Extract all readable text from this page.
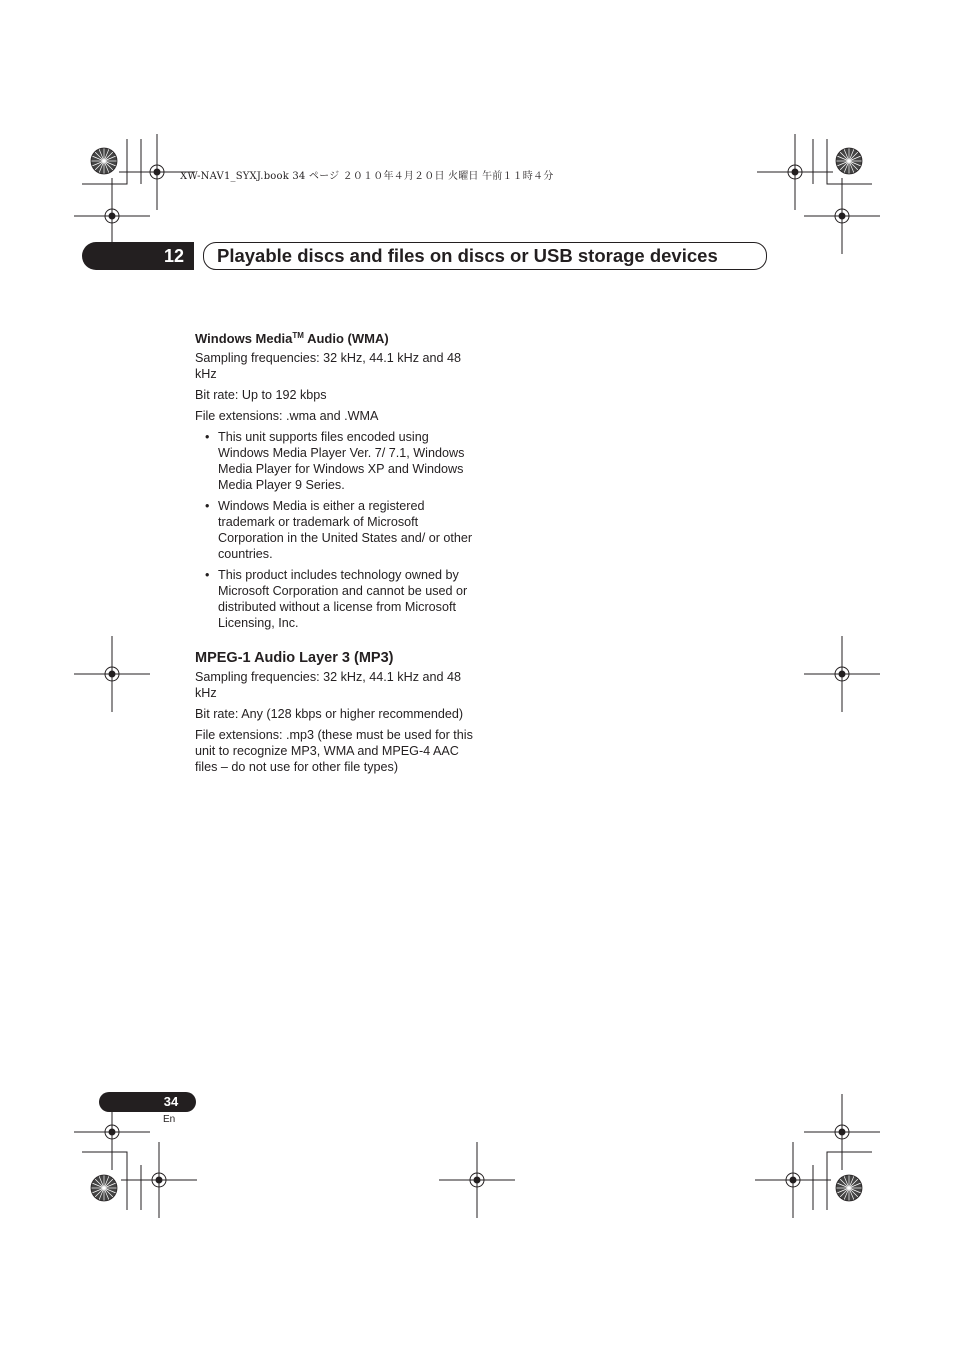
XW-NAV1_SYXJ.book 34 ページ ２０１０年４月２０日 火曜日 午前１１時４分
12	Playable discs and files on discs or USB storage devices
Windows Media™ Audio (WMA)

Sampling frequencies: 32 kHz, 44.1 kHz and 48 kHz

Bit rate: Up to 192 kbps

File extensions: .wma and .WMA

• This unit supports files encoded using Windows Media Player Ver. 7/ 7.1, Windows Media Player for Windows XP and Windows Media Player 9 Series.
• Windows Media is either a registered trademark or trademark of Microsoft Corporation in the United States and/ or other countries.
• This product includes technology owned by Microsoft Corporation and cannot be used or distributed without a license from Microsoft Licensing, Inc.
MPEG-1 Audio Layer 3 (MP3)

Sampling frequencies: 32 kHz, 44.1 kHz and 48 kHz

Bit rate: Any (128 kbps or higher recommended)

File extensions: .mp3 (these must be used for this unit to recognize MP3, WMA and MPEG-4 AAC files – do not use for other file types)

34
En
